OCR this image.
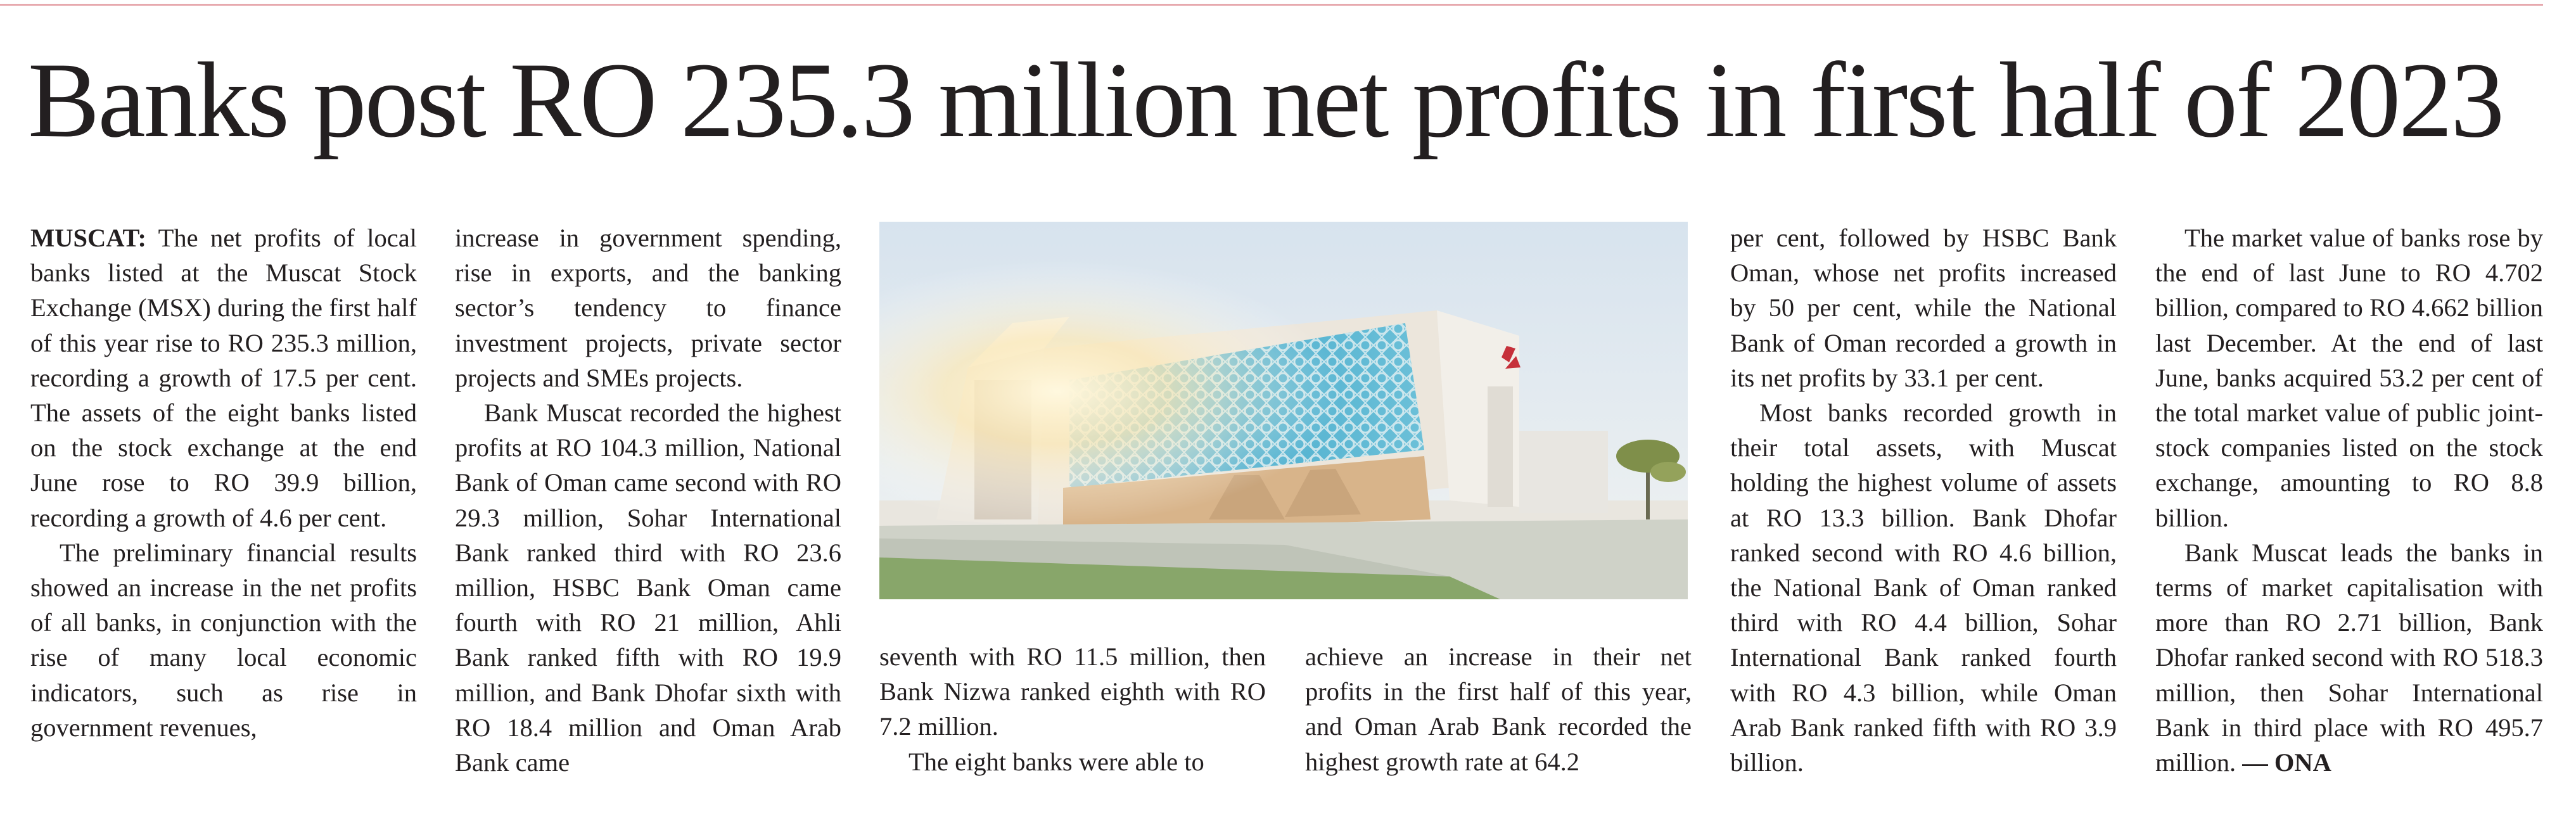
Banks post RO 235.3 million net profits in first half of 2023

MUSCAT: The net profits of local banks listed at the Muscat Stock Exchange (MSX) during the first half of this year rise to RO 235.3 million, recording a growth of 17.5 per cent. The assets of the eight banks listed on the stock exchange at the end June rose to RO 39.9 billion, recording a growth of 4.6 per cent.

The preliminary financial results showed an increase in the net profits of all banks, in conjunction with the rise of many local economic indicators, such as rise in government revenues,

increase in government spending, rise in exports, and the banking sector’s tendency to finance investment projects, private sector projects and SMEs projects.

Bank Muscat recorded the highest profits at RO 104.3 million, National Bank of Oman came second with RO 29.3 million, Sohar International Bank ranked third with RO 23.6 million, HSBC Bank Oman came fourth with RO 21 million, Ahli Bank ranked fifth with RO 19.9 million, and Bank Dhofar sixth with RO 18.4 million and Oman Arab Bank came

seventh with RO 11.5 million, then Bank Nizwa ranked eighth with RO 7.2 million.

The eight banks were able to

achieve an increase in their net profits in the first half of this year, and Oman Arab Bank recorded the highest growth rate at 64.2

per cent, followed by HSBC Bank Oman, whose net profits increased by 50 per cent, while the National Bank of Oman recorded a growth in its net profits by 33.1 per cent.

Most banks recorded growth in their total assets, with Muscat holding the highest volume of assets at RO 13.3 billion. Bank Dhofar ranked second with RO 4.6 billion, the National Bank of Oman ranked third with RO 4.4 billion, Sohar International Bank ranked fourth with RO 4.3 billion, while Oman Arab Bank ranked fifth with RO 3.9 billion.

The market value of banks rose by the end of last June to RO 4.702 billion, compared to RO 4.662 billion last December. At the end of last June, banks acquired 53.2 per cent of the total market value of public joint-stock companies listed on the stock exchange, amounting to RO 8.8 billion.

Bank Muscat leads the banks in terms of market capitalisation with more than RO 2.71 billion, Bank Dhofar ranked second with RO 518.3 million, then Sohar International Bank in third place with RO 495.7 million. — ONA
